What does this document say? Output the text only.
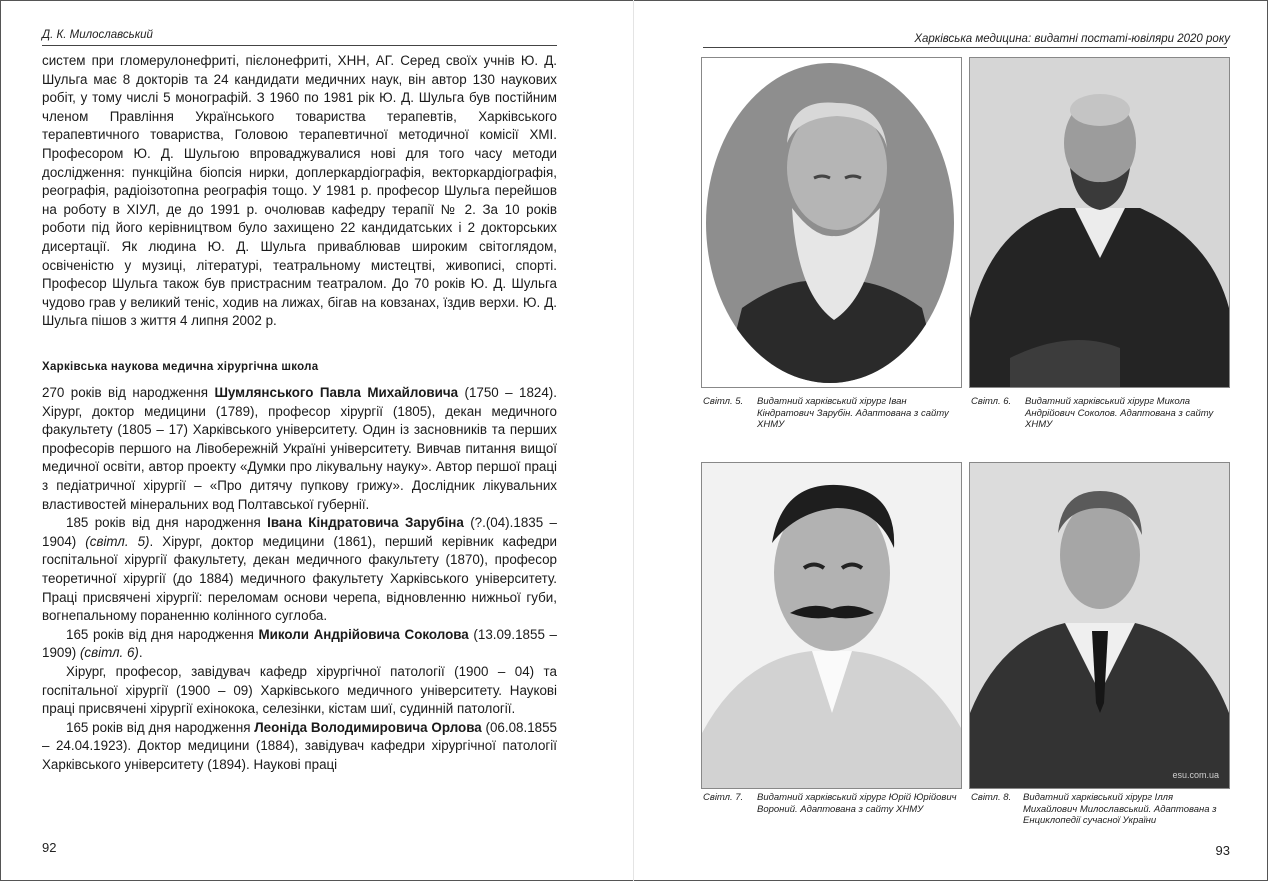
Д. К. Милославський	Харківська медицина: видатні постаті-ювіляри 2020 року

систем при гломерулонефриті, пієлонефриті, ХНН, АГ. Серед своїх учнів Ю. Д. Шульга має 8 докторів та 24 кандидати медичних наук, він автор 130 наукових робіт, у тому числі 5 монографій. З 1960 по 1981 рік Ю. Д. Шульга був постійним членом Правління Українського товариства терапевтів, Харківського терапевтичного товариства, Головою терапевтичної методичної комісії ХМІ. Професором Ю. Д. Шульгою впроваджувалися нові для того часу методи дослідження: пункційна біопсія нирки, доплеркардіографія, векторкардіографія, реографія, радіоізотопна реографія тощо. У 1981 р. професор Шульга перейшов на роботу в ХІУЛ, де до 1991 р. очолював кафедру терапії № 2. За 10 років роботи під його керівництвом було захищено 22 кандидатських і 2 докторських дисертації. Як людина Ю. Д. Шульга приваблював широким світоглядом, освіченістю у музиці, літературі, театральному мистецтві, живописі, спорті. Професор Шульга також був пристрасним театралом. До 70 років Ю. Д. Шульга чудово грав у великий теніс, ходив на лижах, бігав на ковзанах, їздив верхи. Ю. Д. Шульга пішов з життя 4 липня 2002 р.

Харківська наукова медична хірургічна школа

270 років від народження Шумлянського Павла Михайловича (1750 – 1824). Хірург, доктор медицини (1789), професор хірургії (1805), декан медичного факультету (1805 – 17) Харківського університету. Один із засновників та перших професорів першого на Лівобережній Україні університету. Вивчав питання вищої медичної освіти, автор проекту «Думки про лікувальну науку». Автор першої праці з педіатричної хірургії – «Про дитячу пупкову грижу». Дослідник лікувальних властивостей мінеральних вод Полтавської губернії.

185 років від дня народження Івана Кіндратовича Зарубіна (?.(04).1835 – 1904) (світл. 5). Хірург, доктор медицини (1861), перший керівник кафедри госпітальної хірургії факультету, декан медичного факультету (1870), професор теоретичної хірургії (до 1884) медичного факультету Харківського університету. Праці присвячені хірургії: переломам основи черепа, відновленню нижньої губи, вогнепальному пораненню колінного суглоба.

165 років від дня народження Миколи Андрійовича Соколова (13.09.1855 – 1909) (світл. 6).

Хірург, професор, завідувач кафедр хірургічної патології (1900 – 04) та госпітальної хірургії (1900 – 09) Харківського медичного університету. Наукові праці присвячені хірургії ехінокока, селезінки, кістам шиї, судинній патології.

165 років від дня народження Леоніда Володимировича Орлова (06.08.1855 – 24.04.1923). Доктор медицини (1884), завідувач кафедри хірургічної патології Харківського університету (1894). Наукові праці

92
esu.com.ua
Світл. 5. Видатний харківський хірург Іван Кіндратович Зарубін. Адаптована з сайту ХНМУ
Світл. 6. Видатний харківський хірург Микола Андрійович Соколов. Адаптована з сайту ХНМУ
Світл. 7. Видатний харківський хірург Юрій Юрійович Вороний. Адаптована з сайту ХНМУ
Світл. 8. Видатний харківський хірург Ілля Михайлович Милославський. Адаптована з Енциклопедії сучасної України
93
